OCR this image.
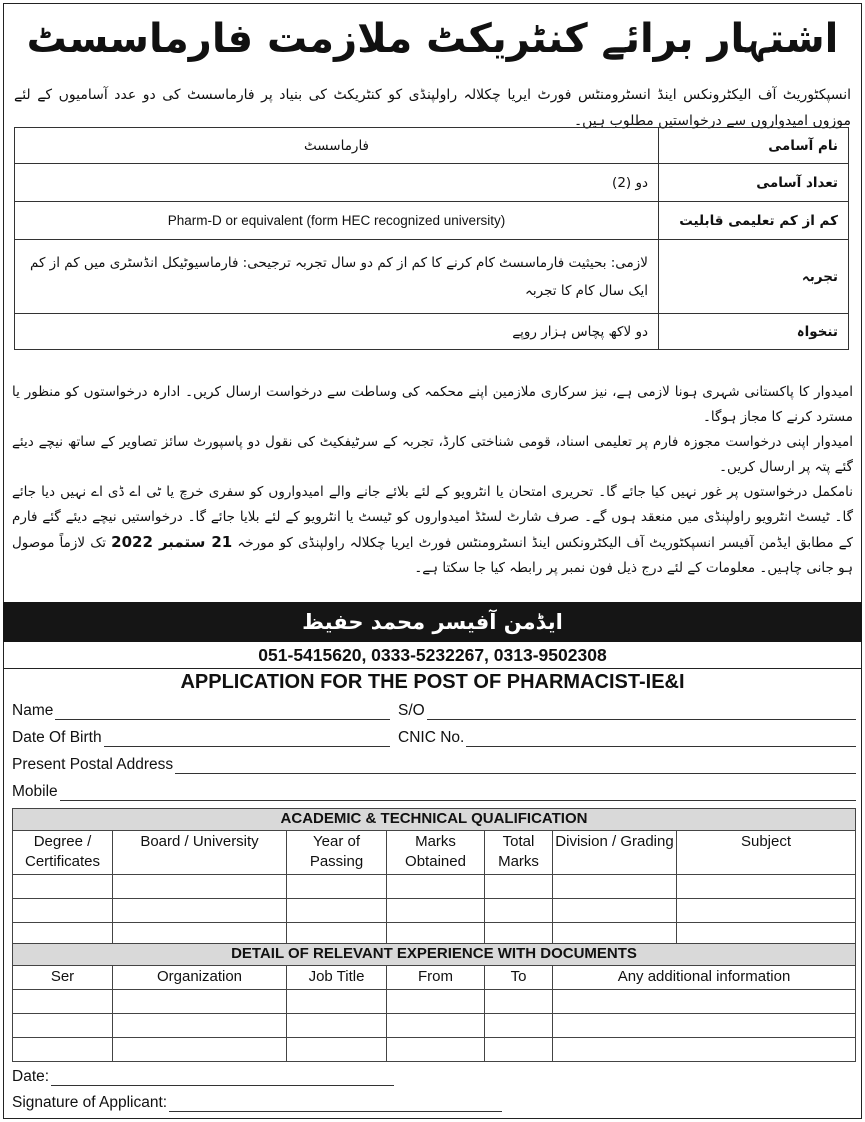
اشتہار برائے کنٹریکٹ ملازمت فارماسسٹ
انسپکٹوریٹ آف الیکٹرونکس اینڈ انسٹرومنٹس فورٹ ایریا چکلالہ راولپنڈی کو کنٹریکٹ کی بنیاد پر فارماسسٹ کی دو عدد آسامیوں کے لئے موزوں امیدواروں سے درخواستیں مطلوب ہیں۔
نام آسامی	فارماسسٹ
تعداد آسامی	دو (2)
کم از کم تعلیمی قابلیت	Pharm-D or equivalent (form HEC recognized university)
تجربہ	لازمی: بحیثیت فارماسسٹ کام کرنے کا کم از کم دو سال تجربہ ترجیحی: فارماسیوٹیکل انڈسٹری میں کم از کم ایک سال کام کا تجربہ
تنخواہ	دو لاکھ پچاس ہزار روپے

امیدوار کا پاکستانی شہری ہونا لازمی ہے، نیز سرکاری ملازمین اپنے محکمہ کی وساطت سے درخواست ارسال کریں۔ ادارہ درخواستوں کو منظور یا مسترد کرنے کا مجاز ہوگا۔

امیدوار اپنی درخواست مجوزہ فارم پر تعلیمی اسناد، قومی شناختی کارڈ، تجربہ کے سرٹیفکیٹ کی نقول دو پاسپورٹ سائز تصاویر کے ساتھ نیچے دیئے گئے پتہ پر ارسال کریں۔

نامکمل درخواستوں پر غور نہیں کیا جائے گا۔ تحریری امتحان یا انٹرویو کے لئے بلائے جانے والے امیدواروں کو سفری خرچ یا ٹی اے ڈی اے نہیں دیا جائے گا۔ ٹیسٹ انٹرویو راولپنڈی میں منعقد ہوں گے۔ صرف شارٹ لسٹڈ امیدواروں کو ٹیسٹ یا انٹرویو کے لئے بلایا جائے گا۔ درخواستیں نیچے دیئے گئے فارم کے مطابق ایڈمن آفیسر انسپکٹوریٹ آف الیکٹرونکس اینڈ انسٹرومنٹس فورٹ ایریا چکلالہ راولپنڈی کو مورخہ 21 ستمبر 2022 تک لازماً موصول ہو جانی چاہیں۔ معلومات کے لئے درج ذیل فون نمبر پر رابطہ کیا جا سکتا ہے۔

ایڈمن آفیسر محمد حفیظ
051-5415620, 0333-5232267, 0313-9502308
APPLICATION FOR THE POST OF PHARMACIST-IE&I
Name	S/O
Date Of Birth	CNIC No.
Present Postal Address
Mobile
ACADEMIC & TECHNICAL QUALIFICATION						
Degree / Certificates	Board / University	Year of Passing	Marks Obtained	Total Marks	Division / Grading	Subject

DETAIL OF RELEVANT EXPERIENCE WITH DOCUMENTS					
Ser	Organization	Job Title	From	To	Any additional information

Date:
Signature of Applicant:
